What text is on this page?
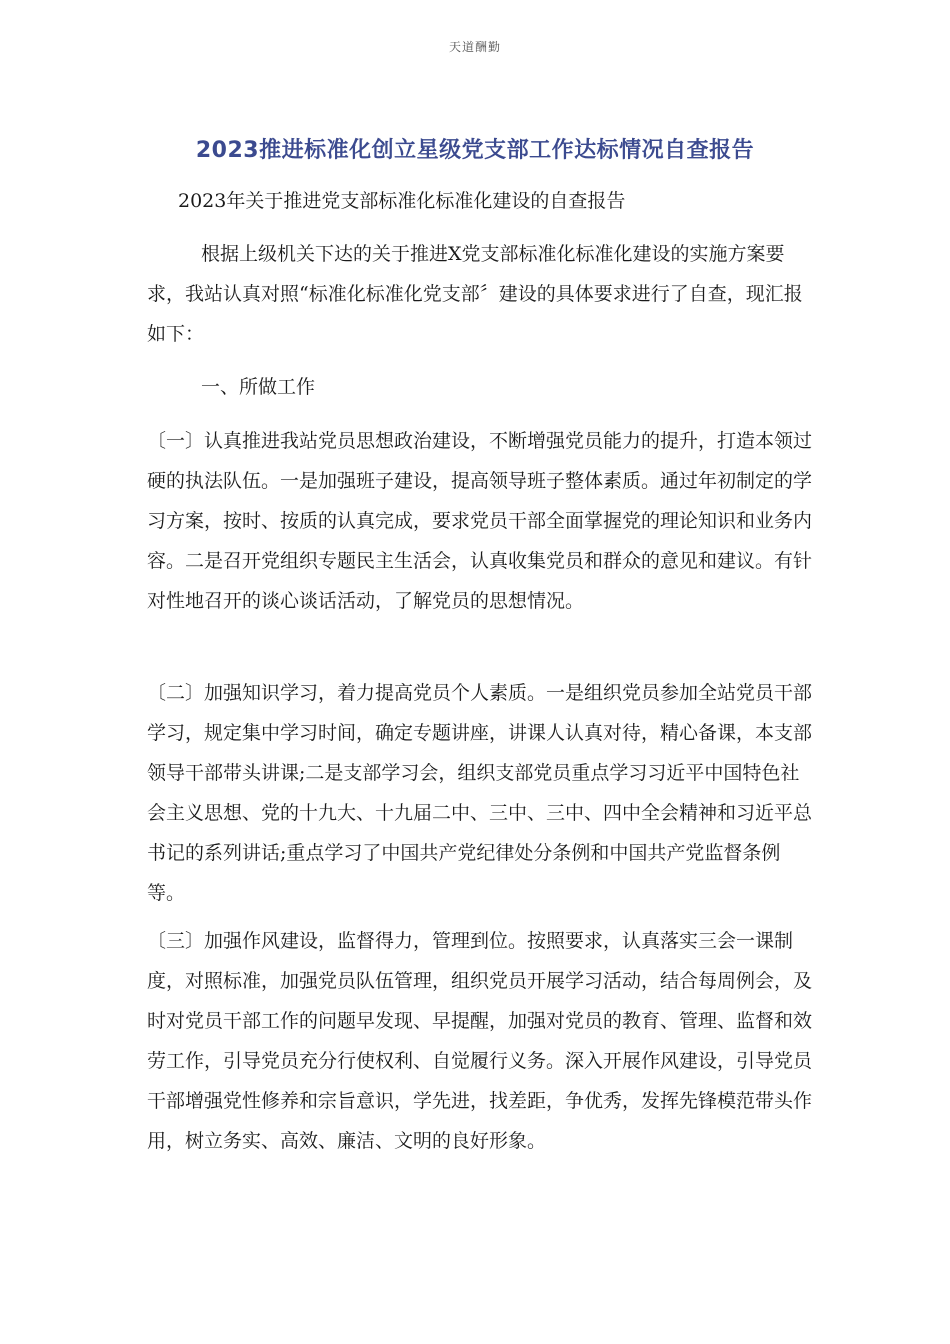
天道酬勤
2023推进标准化创立星级党支部工作达标情况自查报告
2023年关于推进党支部标准化标准化建设的自查报告

根据上级机关下达的关于推进X党支部标准化标准化建设的实施方案要求，我站认真对照“标准化标准化党支部〞建设的具体要求进行了自查，现汇报如下：

一、所做工作

〔一〕认真推进我站党员思想政治建设，不断增强党员能力的提升，打造本领过硬的执法队伍。一是加强班子建设，提高领导班子整体素质。通过年初制定的学习方案，按时、按质的认真完成，要求党员干部全面掌握党的理论知识和业务内容。二是召开党组织专题民主生活会，认真收集党员和群众的意见和建议。有针对性地召开的谈心谈话活动，了解党员的思想情况。

〔二〕加强知识学习，着力提高党员个人素质。一是组织党员参加全站党员干部学习，规定集中学习时间，确定专题讲座，讲课人认真对待，精心备课，本支部领导干部带头讲课;二是支部学习会，组织支部党员重点学习习近平中国特色社会主义思想、党的十九大、十九届二中、三中、三中、四中全会精神和习近平总书记的系列讲话;重点学习了中国共产党纪律处分条例和中国共产党监督条例等。

〔三〕加强作风建设，监督得力，管理到位。按照要求，认真落实三会一课制度，对照标准，加强党员队伍管理，组织党员开展学习活动，结合每周例会，及时对党员干部工作的问题早发现、早提醒，加强对党员的教育、管理、监督和效劳工作，引导党员充分行使权利、自觉履行义务。深入开展作风建设，引导党员干部增强党性修养和宗旨意识，学先进，找差距，争优秀，发挥先锋模范带头作用，树立务实、高效、廉洁、文明的良好形象。
